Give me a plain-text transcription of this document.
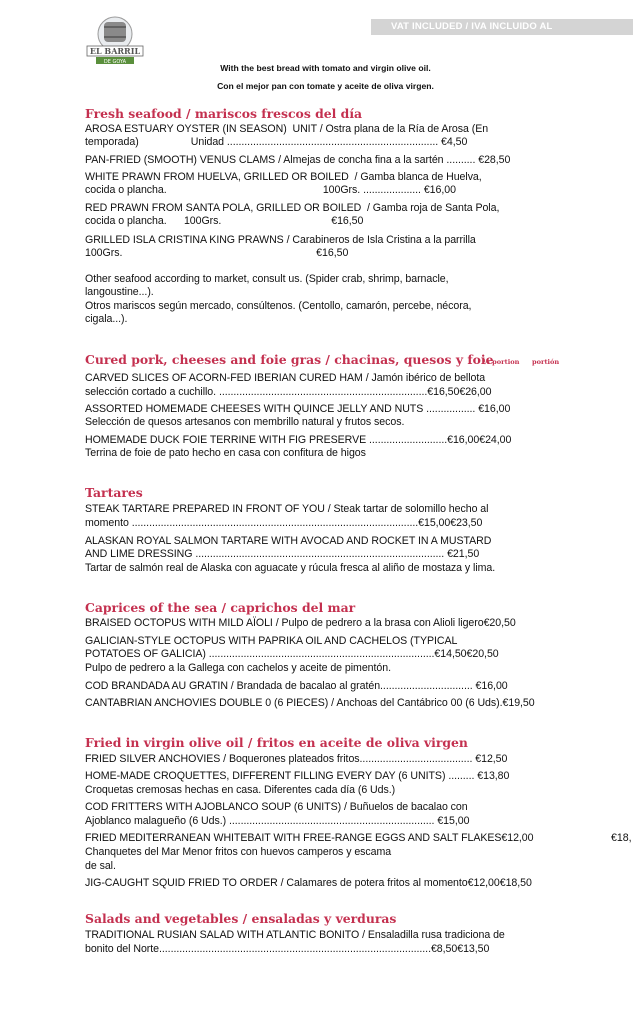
EL BARRIL
DE GOYA
VAT INCLUDED / IVA INCLUIDO AL
With the best bread with tomato and virgin olive oil.
Con el mejor pan con tomate y aceite de oliva virgen.
Fresh seafood / mariscos frescos del día
AROSA ESTUARY OYSTER (IN SEASON)  UNIT / Ostra plana de la Ría de Arosa (En
temporada)                  Unidad ......................................................................... €4,50
PAN-FRIED (SMOOTH) VENUS CLAMS / Almejas de concha fina a la sartén .......... €28,50
WHITE PRAWN FROM HUELVA, GRILLED OR BOILED  / Gamba blanca de Huelva,
cocida o plancha.                                                      100Grs. .................... €16,00
RED PRAWN FROM SANTA POLA, GRILLED OR BOILED  / Gamba roja de Santa Pola,
cocida o plancha.      100Grs.                                      €16,50
GRILLED ISLA CRISTINA KING PRAWNS / Carabineros de Isla Cristina a la parrilla
100Grs.                                                                   €16,50
Other seafood according to market, consult us. (Spider crab, shrimp, barnacle,
langoustine...).
Otros mariscos según mercado, consúltenos. (Centollo, camarón, percebe, nécora,
cigala...).
Cured pork, cheeses and foie gras / chacinas, quesos y foie
½ portion portión
CARVED SLICES OF ACORN-FED IBERIAN CURED HAM / Jamón ibérico de bellota
selección cortado a cuchillo. ........................................................................€16,50€26,00
ASSORTED HOMEMADE CHEESES WITH QUINCE JELLY AND NUTS ................. €16,00
Selección de quesos artesanos con membrillo natural y frutos secos.
HOMEMADE DUCK FOIE TERRINE WITH FIG PRESERVE ...........................€16,00€24,00
Terrina de foie de pato hecho en casa con confitura de higos
Tartares
STEAK TARTARE PREPARED IN FRONT OF YOU / Steak tartar de solomillo hecho al
momento ...................................................................................................€15,00€23,50
ALASKAN ROYAL SALMON TARTARE WITH AVOCAD AND ROCKET IN A MUSTARD
AND LIME DRESSING ...................................................................................... €21,50
Tartar de salmón real de Alaska con aguacate y rúcula fresca al aliño de mostaza y lima.
Caprices of the sea / caprichos del mar
BRAISED OCTOPUS WITH MILD AÏOLI / Pulpo de pedrero a la brasa con Alioli ligero€20,50
GALICIAN-STYLE OCTOPUS WITH PAPRIKA OIL AND CACHELOS (TYPICAL
POTATOES OF GALICIA) ..............................................................................€14,50€20,50
Pulpo de pedrero a la Gallega con cachelos y aceite de pimentón.
COD BRANDADA AU GRATIN / Brandada de bacalao al gratén................................ €16,00
CANTABRIAN ANCHOVIES DOUBLE 0 (6 PIECES) / Anchoas del Cantábrico 00 (6 Uds).€19,50
Fried in virgin olive oil / fritos en aceite de oliva virgen
FRIED SILVER ANCHOVIES / Boquerones plateados fritos....................................... €12,50
HOME-MADE CROQUETTES, DIFFERENT FILLING EVERY DAY (6 UNITS) ......... €13,80
Croquetas cremosas hechas en casa. Diferentes cada día (6 Uds.)
COD FRITTERS WITH AJOBLANCO SOUP (6 UNITS) / Buñuelos de bacalao con
Ajoblanco malagueño (6 Uds.) ....................................................................... €15,00
FRIED MEDITERRANEAN WHITEBAIT WITH FREE-RANGE EGGS AND SALT FLAKES€12,00	€18,
Chanquetes del Mar Menor fritos con huevos camperos y escama
de sal.
JIG-CAUGHT SQUID FRIED TO ORDER / Calamares de potera fritos al momento€12,00€18,50
Salads and vegetables / ensaladas y verduras
TRADITIONAL RUSIAN SALAD WITH ATLANTIC BONITO / Ensaladilla rusa tradiciona de
bonito del Norte..............................................................................................€8,50€13,50
